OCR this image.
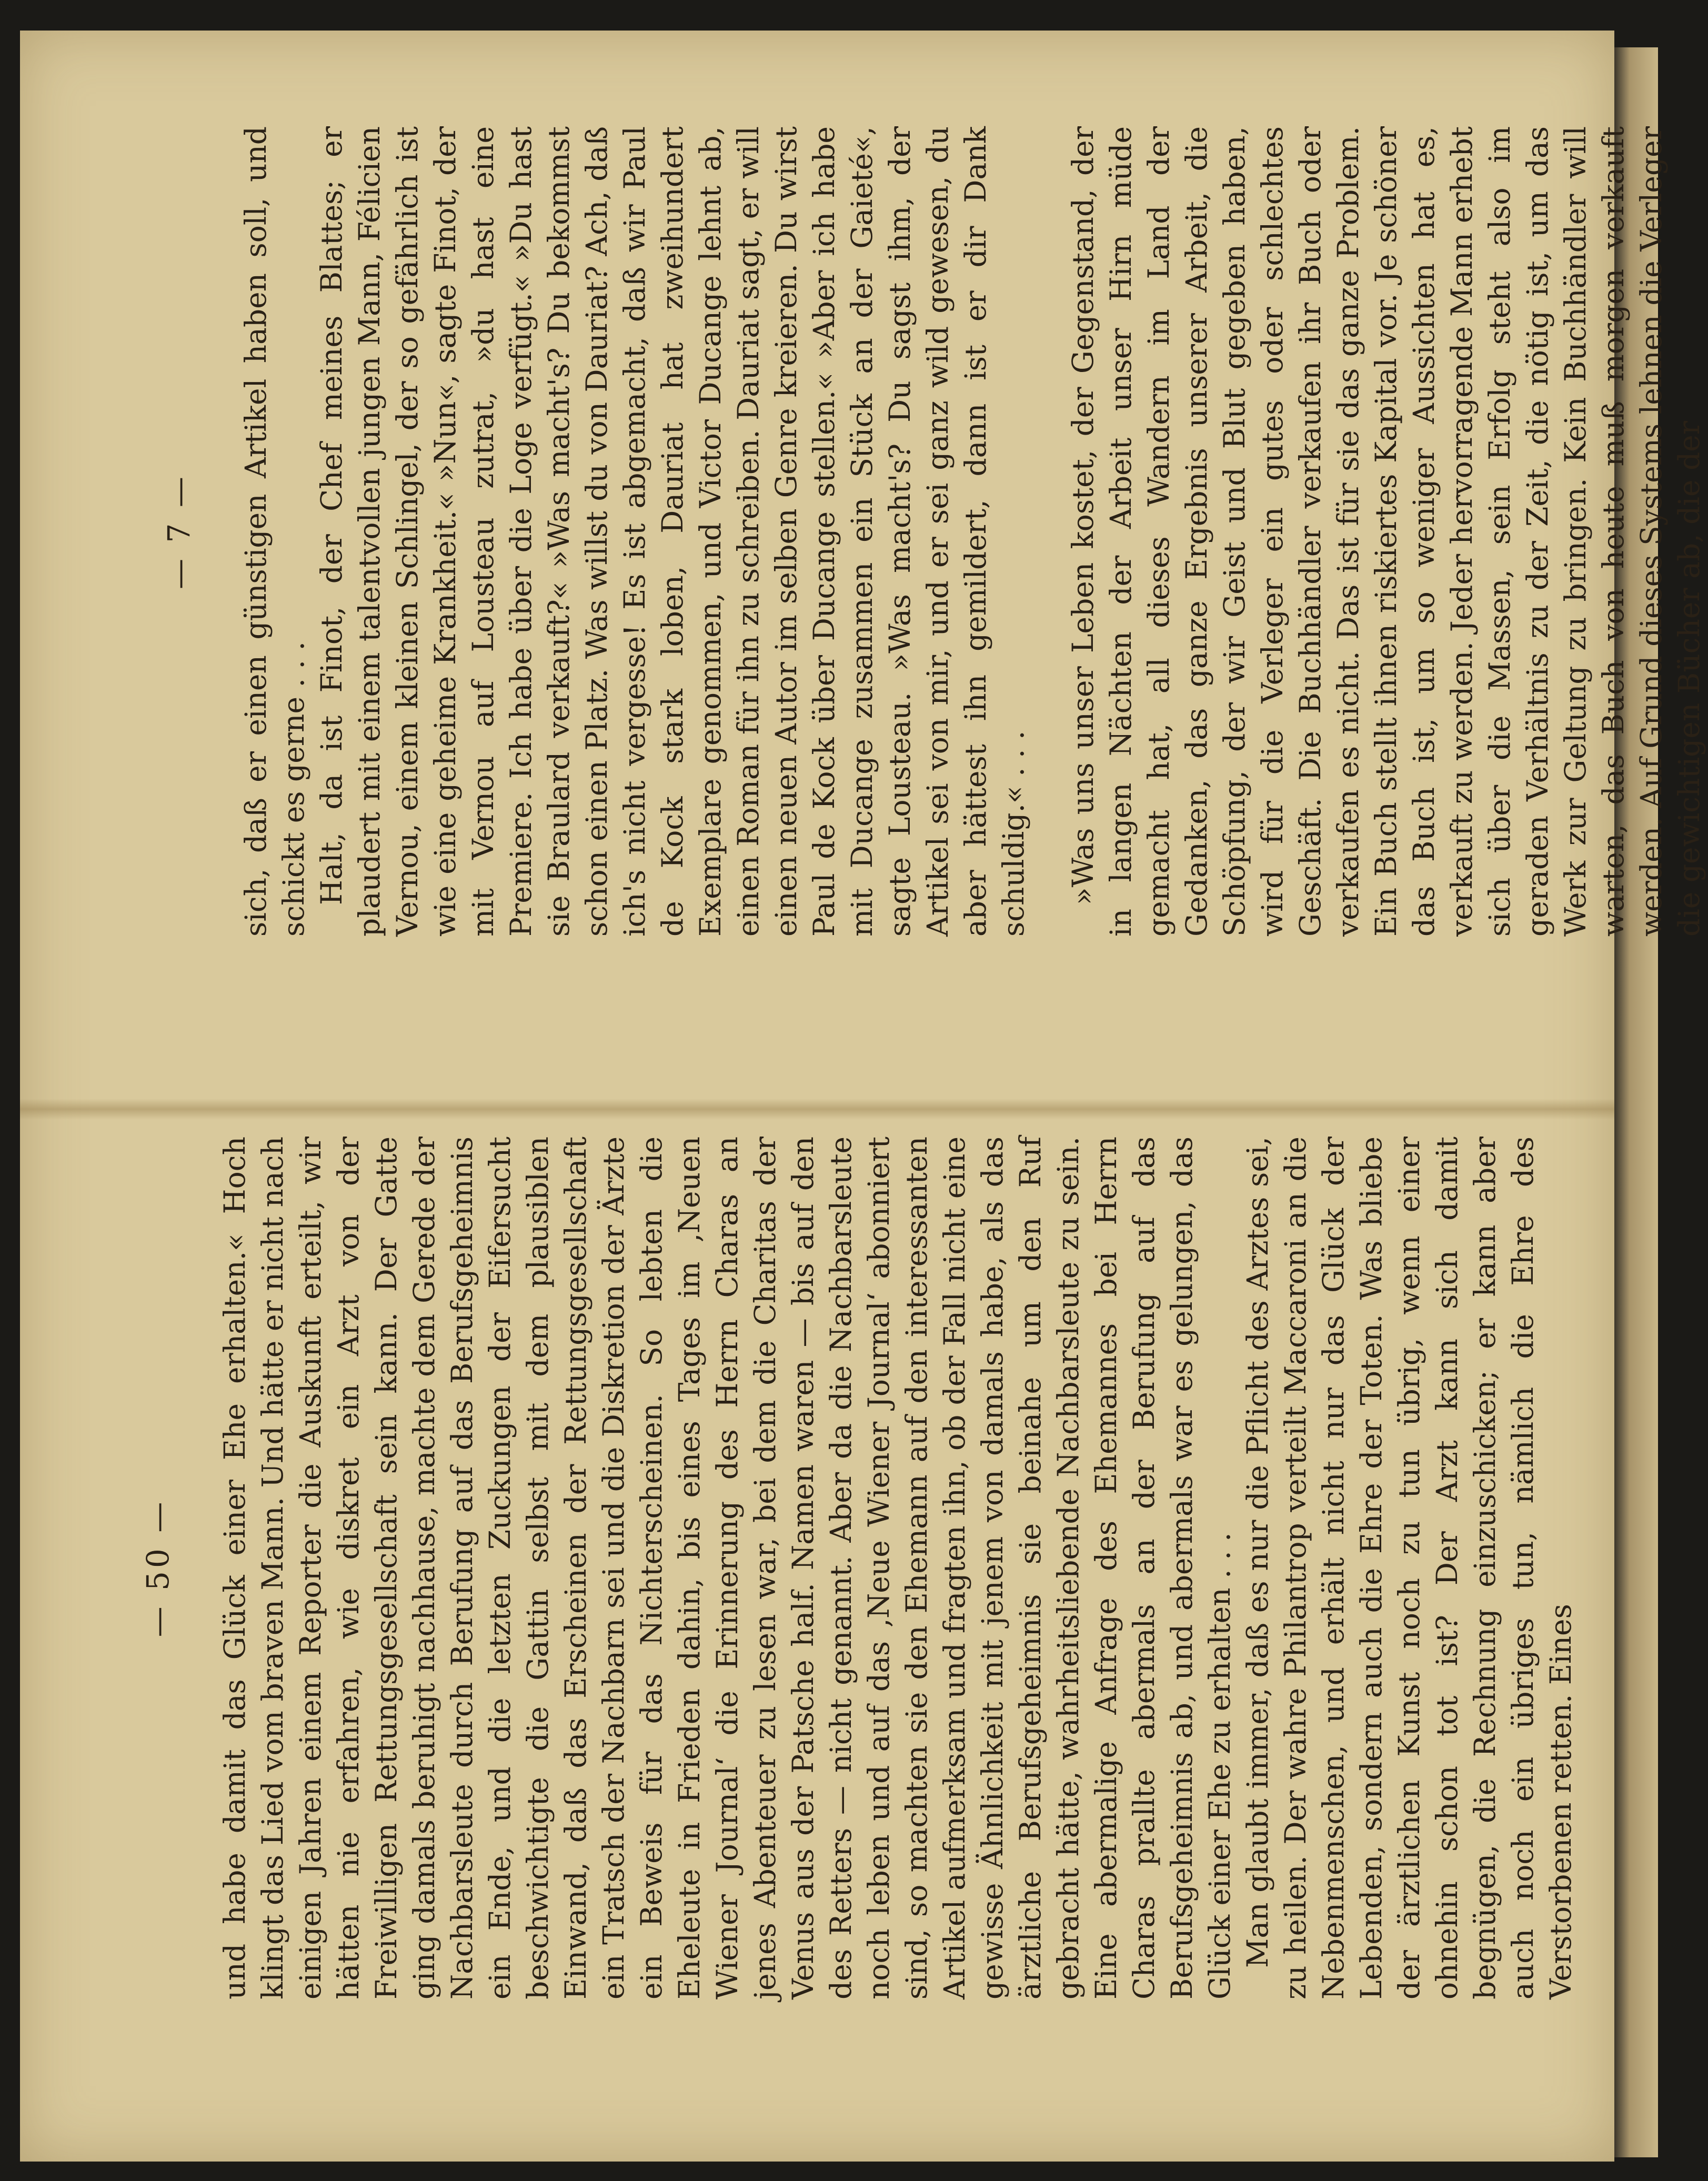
— 7 —	sich, daß er einen günstigen Artikel haben soll, und schickt es gerne . . . Halt, da ist Finot, der Chef meines Blattes; er plaudert mit einem talentvollen jungen Mann, Félicien Vernou, einem kleinen Schlingel, der so gefährlich ist wie eine geheime Krankheit.« »Nun«, sagte Finot, der mit Vernou auf Lousteau zutrat, »du hast eine Premiere. Ich habe über die Loge verfügt.« »Du hast sie Braulard verkauft?« »Was macht's? Du bekommst schon einen Platz. Was willst du von Dauriat? Ach, daß ich's nicht vergesse! Es ist abgemacht, daß wir Paul de Kock stark loben, Dauriat hat zweihundert Exemplare genommen, und Victor Ducange lehnt ab, einen Roman für ihn zu schreiben. Dauriat sagt, er will einen neuen Autor im selben Genre kreieren. Du wirst Paul de Kock über Ducange stellen.« »Aber ich habe mit Ducange zusammen ein Stück an der Gaieté«, sagte Lousteau. »Was macht's? Du sagst ihm, der Artikel sei von mir, und er sei ganz wild gewesen, du aber hättest ihn gemildert, dann ist er dir Dank schuldig.« . . . »Was uns unser Leben kostet, der Gegenstand, der in langen Nächten der Arbeit unser Hirn müde gemacht hat, all dieses Wandern im Land der Gedanken, das ganze Ergebnis unserer Arbeit, die Schöpfung, der wir Geist und Blut gegeben haben, wird für die Verleger ein gutes oder schlechtes Geschäft. Die Buchhändler verkaufen ihr Buch oder verkaufen es nicht. Das ist für sie das ganze Problem. Ein Buch stellt ihnen riskiertes Kapital vor. Je schöner das Buch ist, um so weniger Aussichten hat es, verkauft zu werden. Jeder hervorragende Mann erhebt sich über die Massen, sein Erfolg steht also im geraden Verhältnis zu der Zeit, die nötig ist, um das Werk zur Geltung zu bringen. Kein Buchhändler will warten, das Buch von heute muß morgen verkauft werden. Auf Grund dieses Systems lehnen die Verleger die gewichtigen Bücher ab, die der

— 50 —	und habe damit das Glück einer Ehe erhalten.« Hoch klingt das Lied vom braven Mann. Und hätte er nicht nach einigen Jahren einem Reporter die Auskunft erteilt, wir hätten nie erfahren, wie diskret ein Arzt von der Freiwilligen Rettungsgesellschaft sein kann. Der Gatte ging damals beruhigt nachhause, machte dem Gerede der Nachbarsleute durch Berufung auf das Berufsgeheimnis ein Ende, und die letzten Zuckungen der Eifersucht beschwichtigte die Gattin selbst mit dem plausiblen Einwand, daß das Erscheinen der Rettungsgesellschaft ein Tratsch der Nachbarn sei und die Diskretion der Ärzte ein Beweis für das Nichterscheinen. So lebten die Eheleute in Frieden dahin, bis eines Tages im ‚Neuen Wiener Journal‘ die Erinnerung des Herrn Charas an jenes Abenteuer zu lesen war, bei dem die Charitas der Venus aus der Patsche half. Namen waren — bis auf den des Retters — nicht genannt. Aber da die Nachbarsleute noch leben und auf das ‚Neue Wiener Journal‘ abonniert sind, so machten sie den Ehemann auf den interessanten Artikel aufmerksam und fragten ihn, ob der Fall nicht eine gewisse Ähnlichkeit mit jenem von damals habe, als das ärztliche Berufsgeheimnis sie beinahe um den Ruf gebracht hätte, wahrheitsliebende Nachbarsleute zu sein. Eine abermalige Anfrage des Ehemannes bei Herrn Charas prallte abermals an der Berufung auf das Berufsgeheimnis ab, und abermals war es gelungen, das Glück einer Ehe zu erhalten . . . Man glaubt immer, daß es nur die Pflicht des Arztes sei, zu heilen. Der wahre Philantrop verteilt Maccaroni an die Nebenmenschen, und erhält nicht nur das Glück der Lebenden, sondern auch die Ehre der Toten. Was bliebe der ärztlichen Kunst noch zu tun übrig, wenn einer ohnehin schon tot ist? Der Arzt kann sich damit begnügen, die Rechnung einzuschicken; er kann aber auch noch ein übriges tun, nämlich die Ehre des Verstorbenen retten. Eines
